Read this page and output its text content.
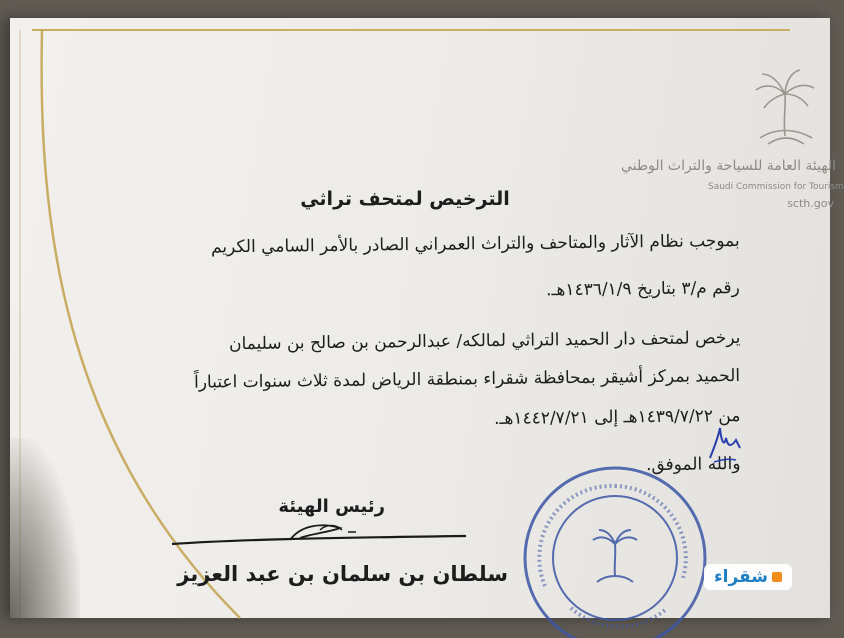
الهيئة العامة للسياحة والتراث الوطني
Saudi Commission for Tourism
scth.gov
الترخيص لمتحف تراثي
بموجب نظام الآثار والمتاحف والتراث العمراني الصادر بالأمر السامي الكريم
رقم م/٣ بتاريخ ١٤٣٦/١/٩هـ.
يرخص لمتحف دار الحميد التراثي لمالكه/ عبدالرحمن بن صالح بن سليمان
الحميد بمركز أشيقر بمحافظة شقراء بمنطقة الرياض لمدة ثلاث سنوات اعتباراً
من ١٤٣٩/٧/٢٢هـ إلى ١٤٤٢/٧/٢١هـ.
والله الموفق.
رئيس الهيئة
سلطان بن سلمان بن عبد العزيز	شقراء
